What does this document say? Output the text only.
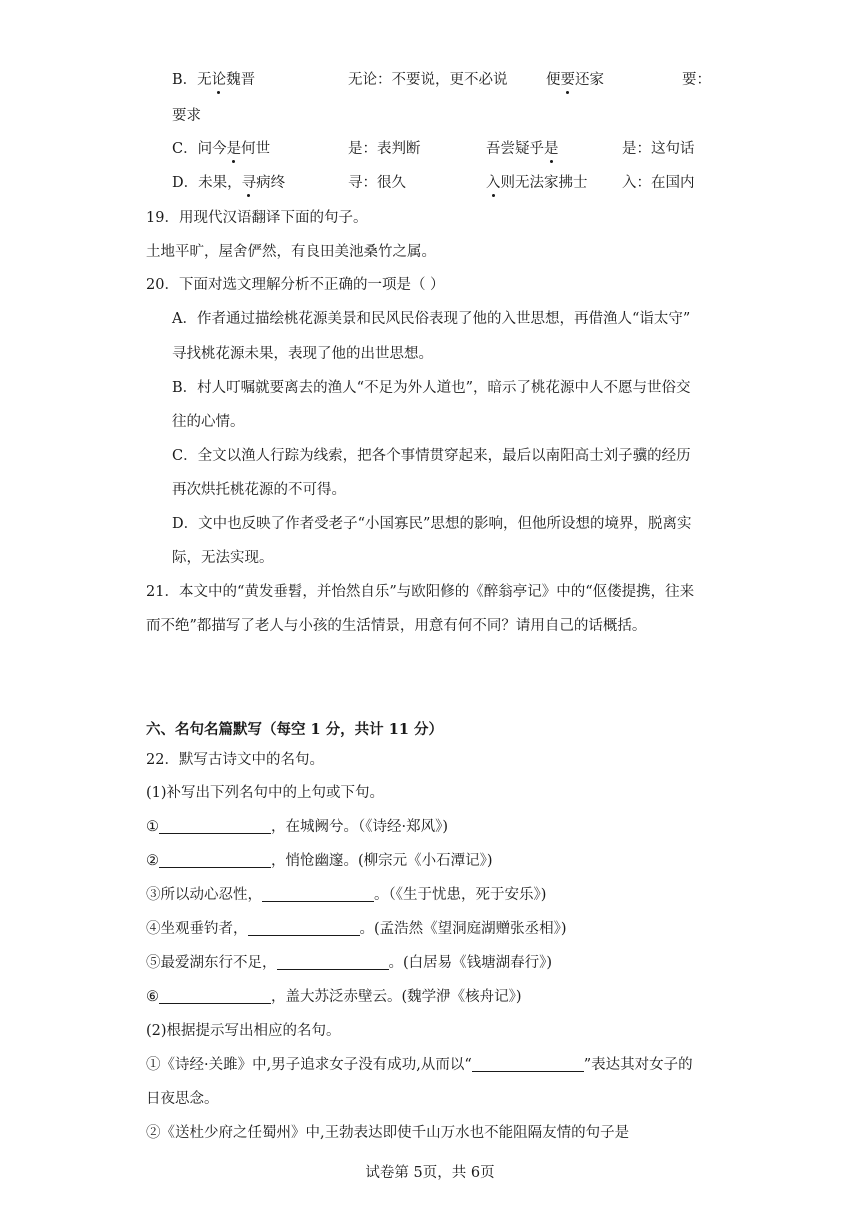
B．无论魏晋	无论：不要说，更不必说	便要还家	要：
要求
C．问今是何世	是：表判断	吾尝疑乎是	是：这句话
D．未果，寻病终	寻：很久	入则无法家拂士 入：在国内
19．用现代汉语翻译下面的句子。
土地平旷，屋舍俨然，有良田美池桑竹之属。
20．下面对选文理解分析不正确的一项是（ ）
A．作者通过描绘桃花源美景和民风民俗表现了他的入世思想，再借渔人“诣太守”
寻找桃花源未果，表现了他的出世思想。
B．村人叮嘱就要离去的渔人“不足为外人道也”，暗示了桃花源中人不愿与世俗交
往的心情。
C．全文以渔人行踪为线索，把各个事情贯穿起来，最后以南阳高士刘子骥的经历
再次烘托桃花源的不可得。
D．文中也反映了作者受老子“小国寡民”思想的影响，但他所设想的境界，脱离实
际，无法实现。
21．本文中的“黄发垂髫，并怡然自乐”与欧阳修的《醉翁亭记》中的“伛偻提携，往来
而不绝”都描写了老人与小孩的生活情景，用意有何不同？请用自己的话概括。
六、名句名篇默写（每空 1 分，共计 11 分）
22．默写古诗文中的名句。
(1)补写出下列名句中的上句或下句。
①	，在城阙兮。（《诗经·郑风》)
②	，悄怆幽邃。(柳宗元《小石潭记》)
③所以动心忍性，	。（《生于忧患，死于安乐》)
④坐观垂钓者，	。(孟浩然《望洞庭湖赠张丞相》)
⑤最爱湖东行不足，	。(白居易《钱塘湖春行》)
⑥	，盖大苏泛赤壁云。(魏学洢《核舟记》)
(2)根据提示写出相应的名句。
①《诗经·关雎》中,男子追求女子没有成功,从而以“	”表达其对女子的
日夜思念。
②《送杜少府之任蜀州》中,王勃表达即使千山万水也不能阻隔友情的句子是
试卷第 5页，共 6页
